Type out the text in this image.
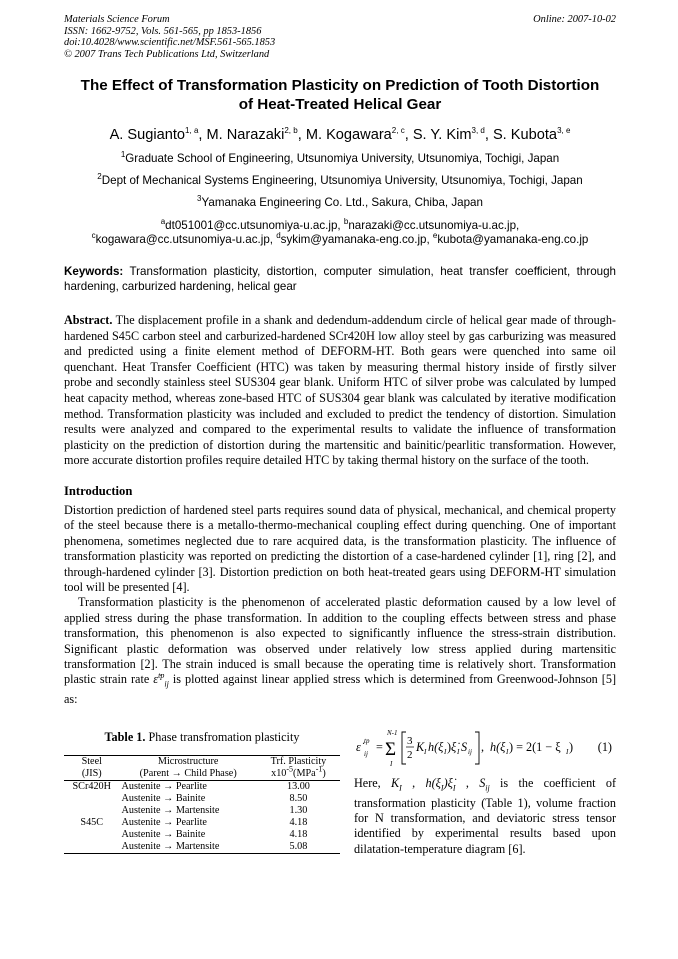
Materials Science Forum
ISSN: 1662-9752, Vols. 561-565, pp 1853-1856
doi:10.4028/www.scientific.net/MSF.561-565.1853
© 2007 Trans Tech Publications Ltd, Switzerland
Online: 2007-10-02
The Effect of Transformation Plasticity on Prediction of Tooth Distortion
of Heat-Treated Helical Gear
A. Sugianto$^{1, a}$, M. Narazaki$^{2, b}$, M. Kogawara$^{2, c}$, S. Y. Kim$^{3, d}$, S. Kubota$^{3, e}$
$^1$Graduate School of Engineering, Utsunomiya University, Utsunomiya, Tochigi, Japan
$^2$Dept of Mechanical Systems Engineering, Utsunomiya University, Utsunomiya, Tochigi, Japan
$^3$Yamanaka Engineering Co. Ltd., Sakura, Chiba, Japan
$^a$dt051001@cc.utsunomiya-u.ac.jp, $^b$narazaki@cc.utsunomiya-u.ac.jp,
$^c$kogawara@cc.utsunomiya-u.ac.jp, $^d$sykim@yamanaka-eng.co.jp, $^e$kubota@yamanaka-eng.co.jp
Keywords: Transformation plasticity, distortion, computer simulation, heat transfer coefficient, through hardening, carburized hardening, helical gear
Abstract. The displacement profile in a shank and dedendum-addendum circle of helical gear made of through-hardened S45C carbon steel and carburized-hardened SCr420H low alloy steel by gas carburizing was measured and predicted using a finite element method of DEFORM-HT. Both gears were quenched into same oil quenchant. Heat Transfer Coefficient (HTC) was taken by measuring thermal history inside of firstly silver probe and secondly stainless steel SUS304 gear blank. Uniform HTC of silver probe was calculated by lumped heat capacity method, whereas zone-based HTC of SUS304 gear blank was calculated by iterative modification method. Transformation plasticity was included and excluded to predict the tendency of distortion. Simulation results were analyzed and compared to the experimental results to validate the influence of transformation plasticity on the prediction of distortion during the martensitic and bainitic/pearlitic transformation. However, more accurate distortion profiles require detailed HTC by taking thermal history on the surface of the tooth.
Introduction
Distortion prediction of hardened steel parts requires sound data of physical, mechanical, and chemical property of the steel because there is a metallo-thermo-mechanical coupling effect during quenching. One of important phenomena, sometimes neglected due to rare acquired data, is the transformation plasticity. The influence of transformation plasticity was reported on predicting the distortion of a case-hardened cylinder [1], ring [2], and through-hardened cylinder [3]. Distortion prediction on both heat-treated gears using DEFORM-HT simulation tool will be presented [4].
Transformation plasticity is the phenomenon of accelerated plastic deformation caused by a low level of applied stress during the phase transformation. In addition to the coupling effects between stress and phase transformation, this phenomenon is also expected to significantly influence the stress-strain distribution. Significant plastic deformation was observed under relatively low stress applied during martensitic transformation [2]. The strain induced is small because the operating time is relatively short. Transformation plastic strain rate ε̇$^{tp}_{ij}$ is plotted against linear applied stress which is determined from Greenwood-Johnson [5] as:
Table 1. Phase transfromation plasticity
Steel	Microstructure	Trf. Plasticity
(JIS)	(Parent → Child Phase)	$x10^{-5}(MPa^{-1})$
SCr420H	Austenite → Pearlite	13.00
	Austenite → Bainite	8.50
	Austenite → Martensite	1.30
S45C	Austenite → Pearlite	4.18
	Austenite → Bainite	4.18
	Austenite → Martensite	5.08
ε̇ tp
ij =
N-1
Σ
I
3
2
K I h(ξ I ) ξ̇ I S ij , h(ξ I ) = 2(1 − ξ I ) (1)
Here, $K_I$ , $h(\xi_I)\xi̇_I$ , $S_{ij}$ is the coefficient of transformation plasticity (Table 1), volume fraction for N transformation, and deviatoric stress tensor identified by experimental results based upon dilatation-temperature diagram [6].
